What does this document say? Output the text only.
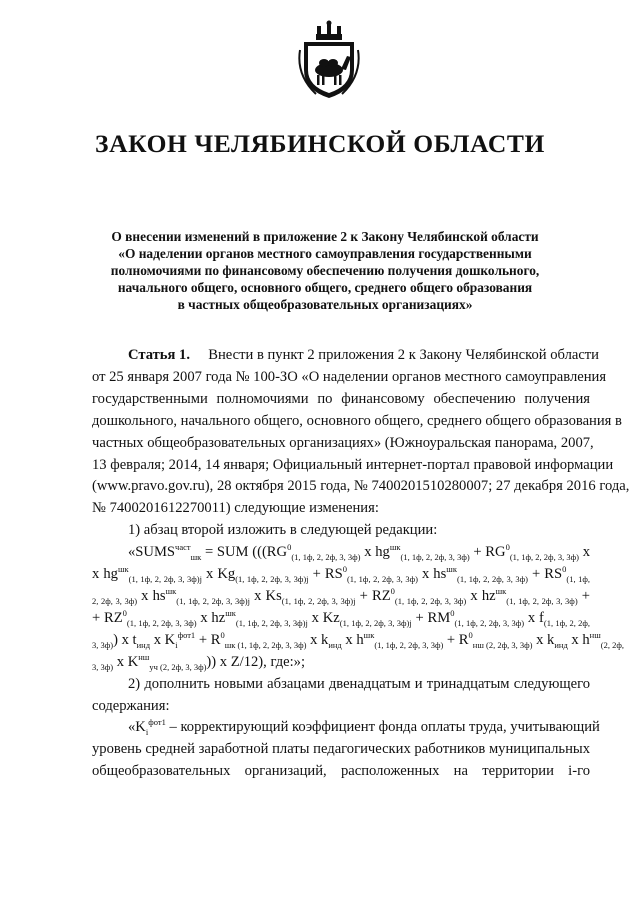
ЗАКОН ЧЕЛЯБИНСКОЙ ОБЛАСТИ
О внесении изменений в приложение 2 к Закону Челябинской области
«О наделении органов местного самоуправления государственными
полномочиями по финансовому обеспечению получения дошкольного,
начального общего, основного общего, среднего общего образования
в частных общеобразовательных организациях»
Статья 1. Внести в пункт 2 приложения 2 к Закону Челябинской области
от 25 января 2007 года № 100-ЗО «О наделении органов местного самоуправления
государственными полномочиями по финансовому обеспечению получения
дошкольного, начального общего, основного общего, среднего общего образования в
частных общеобразовательных организациях» (Южноуральская панорама, 2007,
13 февраля; 2014, 14 января; Официальный интернет-портал правовой информации
(www.pravo.gov.ru), 28 октября 2015 года, № 7400201510280007; 27 декабря 2016 года,
№ 7400201612270011) следующие изменения:
1) абзац второй изложить в следующей редакции:
«$SUMS^{част}_{шк}$ = SUM ((($RG^0_{(1, 1ф, 2, 2ф, 3, 3ф)}$ x $hg^{шк}_{(1, 1ф, 2, 2ф, 3, 3ф)} + RG^0_{(1, 1ф, 2, 2ф, 3, 3ф)}$ x
x $hg^{шк}_{(1, 1ф, 2, 2ф, 3, 3ф)j}$ x $Kg_{(1, 1ф, 2, 2ф, 3, 3ф)j} + RS^0_{(1, 1ф, 2, 2ф, 3, 3ф)}$ x $hs^{шк}_{(1, 1ф, 2, 2ф, 3, 3ф)} + RS^0_{(1, 1ф,}$
$_{2, 2ф, 3, 3ф)}$ x $hs^{шк}_{(1, 1ф, 2, 2ф, 3, 3ф)j}$ x $Ks_{(1, 1ф, 2, 2ф, 3, 3ф)j} + RZ^0_{(1, 1ф, 2, 2ф, 3, 3ф)}$ x $hz^{шк}_{(1, 1ф, 2, 2ф, 3, 3ф)}$ +
+ $RZ^0_{(1, 1ф, 2, 2ф, 3, 3ф)}$ x $hz^{шк}_{(1, 1ф, 2, 2ф, 3, 3ф)j}$ x $Kz_{(1, 1ф, 2, 2ф, 3, 3ф)j} + RM^0_{(1, 1ф, 2, 2ф, 3, 3ф)}$ x $f_{(1, 1ф, 2, 2ф,}$
$_{3, 3ф)}$) x $t_{инд}$ x $K_i^{фот1} + R^0_{шк (1, 1ф, 2, 2ф, 3, 3ф)}$ x $k_{инд}$ x $h^{шк}_{(1, 1ф, 2, 2ф, 3, 3ф)} + R^0_{нш (2, 2ф, 3, 3ф)}$ x $k_{инд}$ x $h^{нш}_{(2, 2ф,}$
$_{3, 3ф)}$ x $K^{нш}_{уч (2, 2ф, 3, 3ф)}$)) x Z/12), где:»;
2) дополнить новыми абзацами двенадцатым и тринадцатым следующего
содержания:
«$K_i^{фот1}$ – корректирующий коэффициент фонда оплаты труда, учитывающий
уровень средней заработной платы педагогических работников муниципальных
общеобразовательных организаций, расположенных на территории i-го
